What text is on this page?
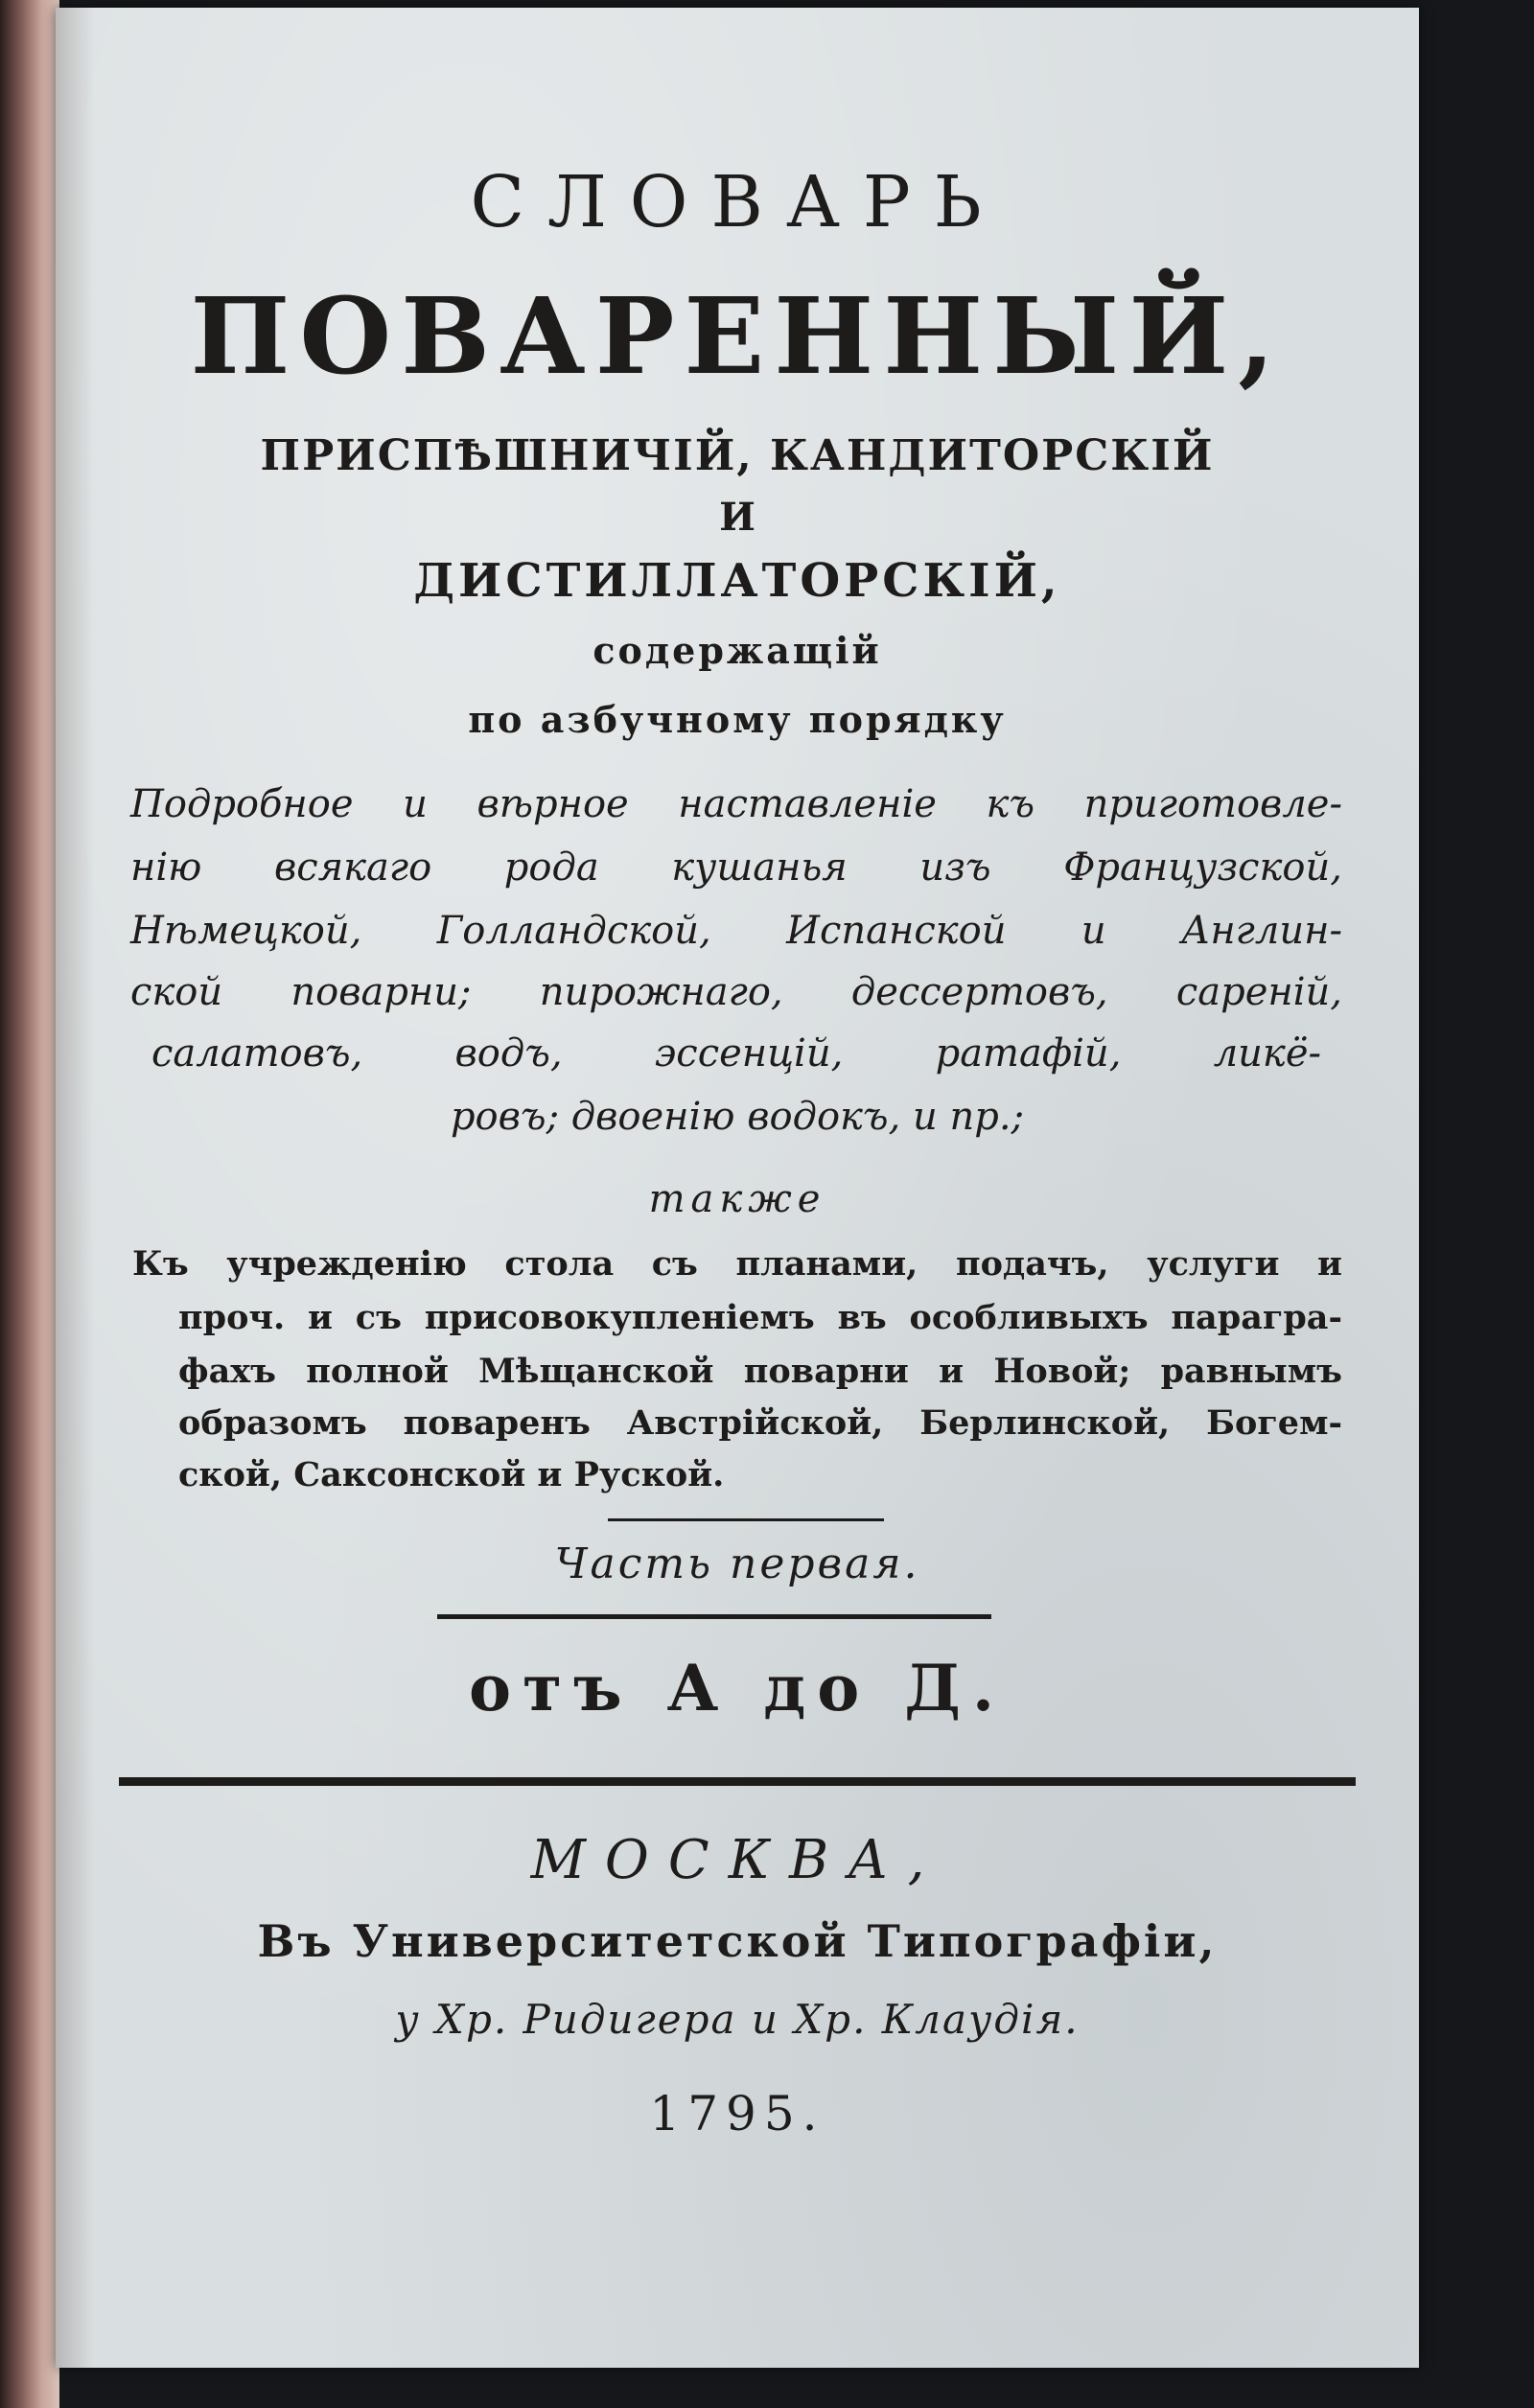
СЛОВАРЬ
ПОВАРЕННЫЙ,
ПРИСПѢШНИЧІЙ, КАНДИТОРСКІЙ
И
ДИСТИЛЛАТОРСКІЙ,
содержащій
по азбучному порядку
Подробное и вѣрное наставленіе къ приготовле-
нію всякаго рода кушанья изъ Французской,
Нѣмецкой, Голландской, Испанской и Англин-
ской поварни; пирожнаго, дессертовъ, сареній,
салатовъ, водъ, эссенцій, ратафій, ликё-
ровъ; двоенію водокъ, и пр.;
также
Къ учрежденію стола съ планами, подачъ, услуги и
проч. и съ присовокупленіемъ въ особливыхъ парагра-
фахъ полной Мѣщанской поварни и Новой; равнымъ
образомъ поваренъ Австрійской, Берлинской, Богем-
ской, Саксонской и Руской.
Часть первая.
отъ А до Д.
МОСКВА,
Въ Университетской Типографіи,
у Хр. Ридигера и Хр. Клаудія.
1795.
